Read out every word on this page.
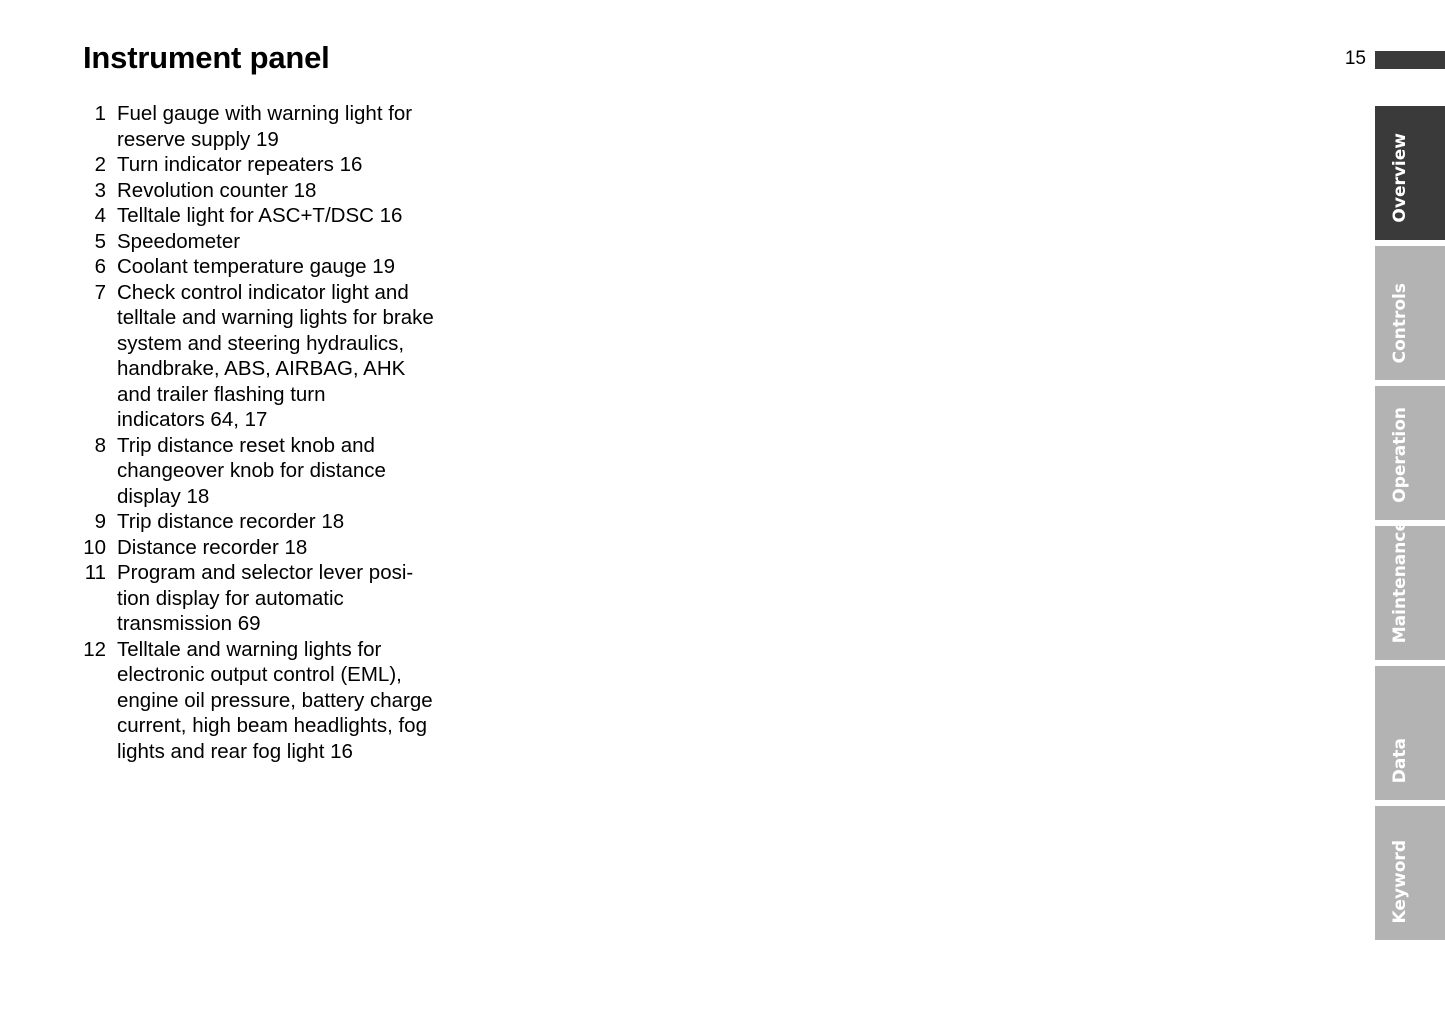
Instrument panel	15
1 Fuel gauge with warning light for
reserve supply 19
2 Turn indicator repeaters 16
3 Revolution counter 18
4 Telltale light for ASC+T/DSC 16
5 Speedometer
6 Coolant temperature gauge 19
7 Check control indicator light and
telltale and warning lights for brake
system and steering hydraulics,
handbrake, ABS, AIRBAG, AHK
and trailer flashing turn
indicators 64, 17
8 Trip distance reset knob and
changeover knob for distance
display 18
9 Trip distance recorder 18
10 Distance recorder 18
11 Program and selector lever posi-
tion display for automatic
transmission 69
12 Telltale and warning lights for
electronic output control (EML),
engine oil pressure, battery charge
current, high beam headlights, fog
lights and rear fog light 16
Overview
Controls
Operation
Maintenance
Data
Keyword
